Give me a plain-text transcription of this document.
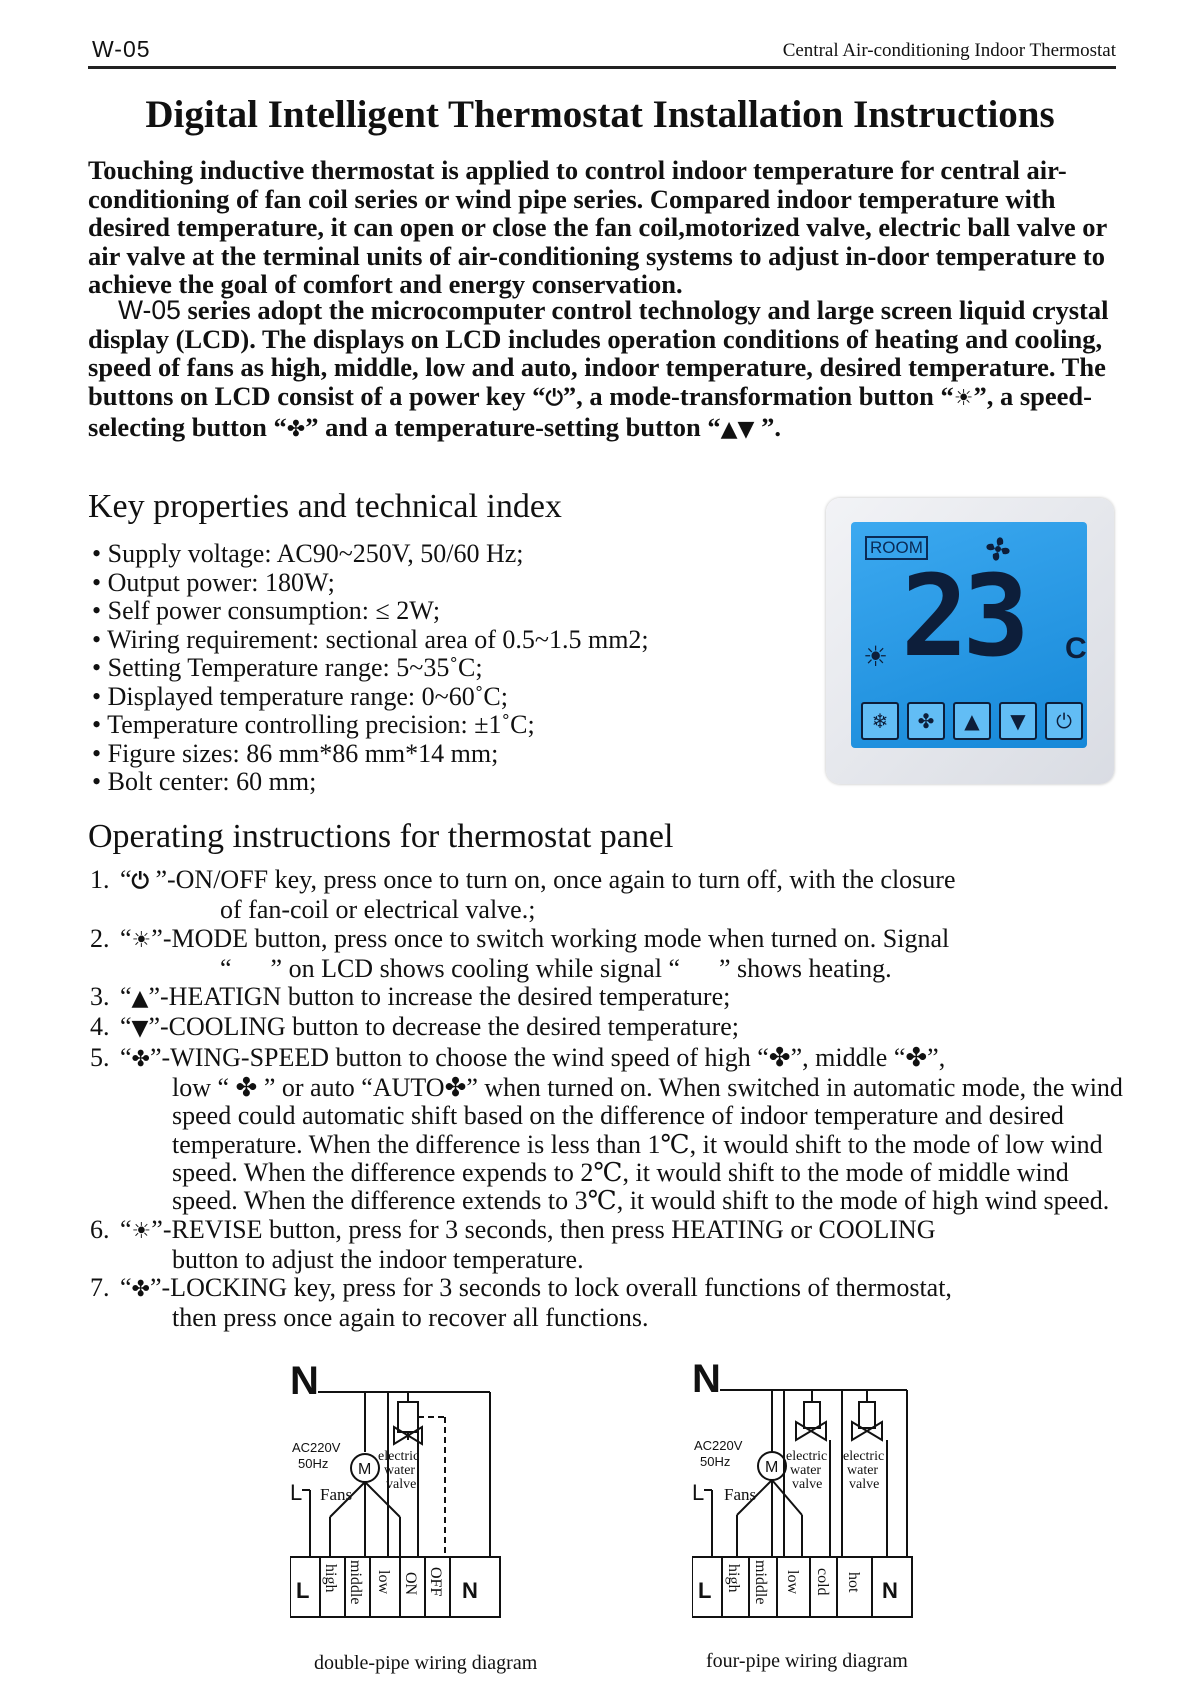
W-05	Central Air-conditioning Indoor Thermostat
Digital Intelligent Thermostat Installation Instructions

Touching inductive thermostat is applied to control indoor temperature for central air-conditioning of fan coil series or wind pipe series. Compared indoor temperature with desired temperature, it can open or close the fan coil,motorized valve, electric ball valve or air valve at the terminal units of air-conditioning systems to adjust in-door temperature to achieve the goal of comfort and energy conservation.

W-05 series adopt the microcomputer control technology and large screen liquid crystal display (LCD). The displays on LCD includes operation conditions of heating and cooling, speed of fans as high, middle, low and auto, indoor temperature, desired temperature. The buttons on LCD consist of a power key “⏻”, a mode-transformation button “☀”, a speed-selecting button “✤” and a temperature-setting button “▲▼ ”.

Key properties and technical index
• Supply voltage: AC90~250V, 50/60 Hz;
• Output power: 180W;
• Self power consumption: ≤ 2W;
• Wiring requirement: sectional area of 0.5~1.5 mm2;
• Setting Temperature range: 5~35˚C;
• Displayed temperature range: 0~60˚C;
• Temperature controlling precision: ±1˚C;
• Figure sizes: 86 mm*86 mm*14 mm;
• Bolt center: 60 mm;
ROOM
23 C
☀
❄	✤	▲	▼	⏻
Operating instructions for thermostat panel
1. “⏻ ”-ON/OFF key, press once to turn on, once again to turn off, with the closure
of fan-coil or electrical valve.;
2. “☀”-MODE button, press once to switch working mode when turned on. Signal
“      ” on LCD shows cooling while signal “      ” shows heating.
3. “▲”-HEATIGN button to increase the desired temperature;
4. “▼”-COOLING button to decrease the desired temperature;
5. “✤”-WING-SPEED button to choose the wind speed of high “✤”, middle “✤”,
low “ ✤ ” or auto “AUTO✤” when turned on. When switched in automatic mode, the wind speed could automatic shift based on the difference of indoor temperature and desired temperature. When the difference is less than 1℃, it would shift to the mode of low wind speed. When the difference expends to 2℃, it would shift to the mode of middle wind speed. When the difference extends to 3℃, it would shift to the mode of high wind speed.
6. “☀”-REVISE button, press for 3 seconds, then press HEATING or COOLING
button to adjust the indoor temperature.
7. “✤”-LOCKING key, press for 3 seconds to lock overall functions of thermostat,
then press once again to recover all functions.
N
AC220V
50Hz
L Fans
M
electric
water
valve
L high middle low ON OFF N
double-pipe wiring diagram
N
AC220V
50Hz
L Fans
M
electric
water
valve
electric
water
valve
L high middle low cold hot N
four-pipe wiring diagram
